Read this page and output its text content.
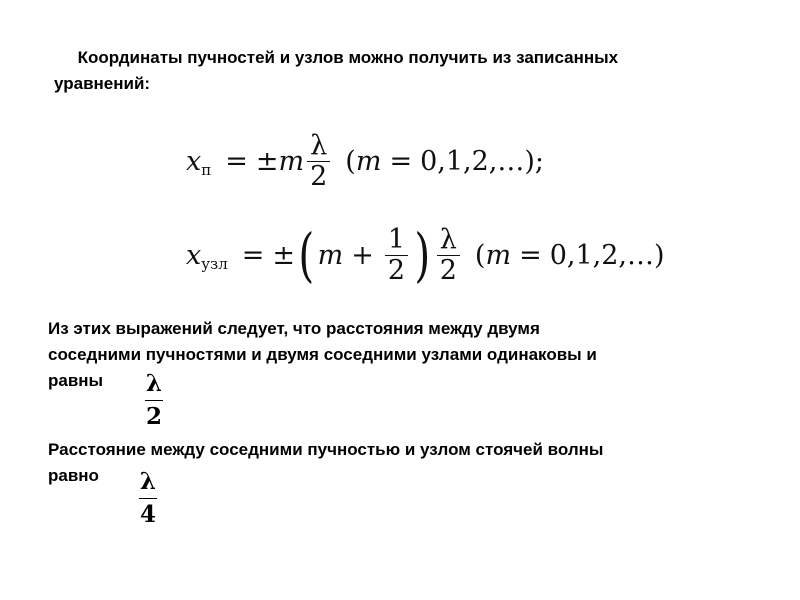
Координаты пучностей и узлов можно получить из записанных
уравнений:
x п = ± m $\frac{\lambda}{2}$ ( m = 0,1,2,… );
x узл = ± ( $m + \frac{1}{2}$ ) $\frac{\lambda}{2}$ ( m = 0,1,2,… )
Из этих выражений следует, что расстояния между двумя
соседними пучностями и двумя соседними узлами одинаковы и
равны	λ
2
Расстояние между соседними пучностью и узлом стоячей волны
равно	λ
4
